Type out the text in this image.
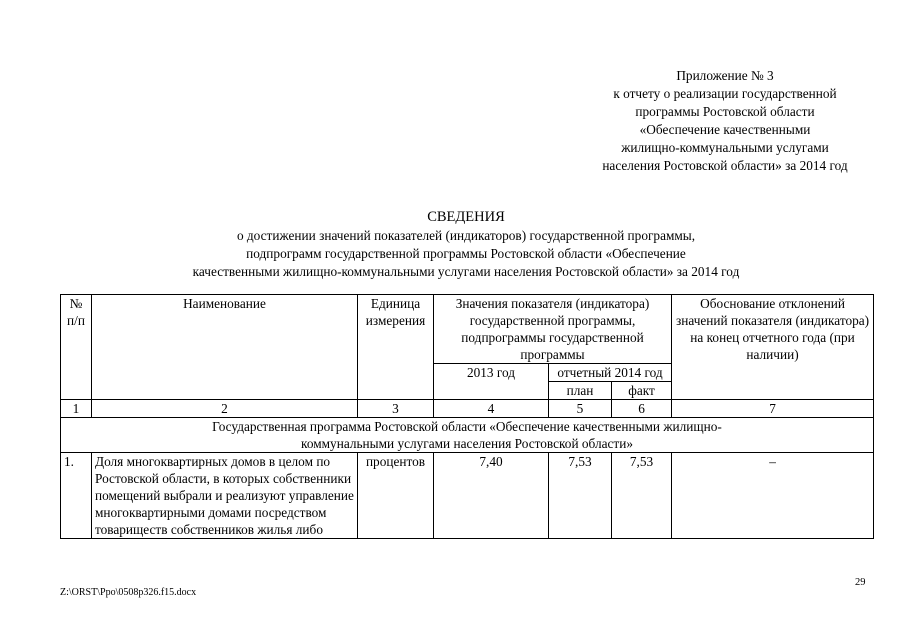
Приложение № 3
к отчету о реализации государственной
программы Ростовской области
«Обеспечение качественными
жилищно-коммунальными услугами
населения Ростовской области» за 2014 год
СВЕДЕНИЯ
о достижении значений показателей (индикаторов) государственной программы,
подпрограмм государственной программы Ростовской области «Обеспечение
качественными жилищно-коммунальными услугами населения Ростовской области» за 2014 год
№ п/п	Наименование	Единица измерения	Значения показателя (индикатора) государственной программы, подпрограммы государственной программы			Обоснование отклонений значений показателя (индикатора) на конец отчетного года (при наличии)
			2013 год	отчетный 2014 год		
				план	факт	
1	2	3	4	5	6	7
Государственная программа Ростовской области «Обеспечение качественными жилищно-коммунальными услугами населения Ростовской области»						
1.	Доля многоквартирных домов в целом по Ростовской области, в которых собственники помещений выбрали и реализуют управление многоквартирными домами посредством товариществ собственников жилья либо	процентов	7,40	7,53	7,53	–
Z:\ORST\Ppo\0508p326.f15.docx
29
